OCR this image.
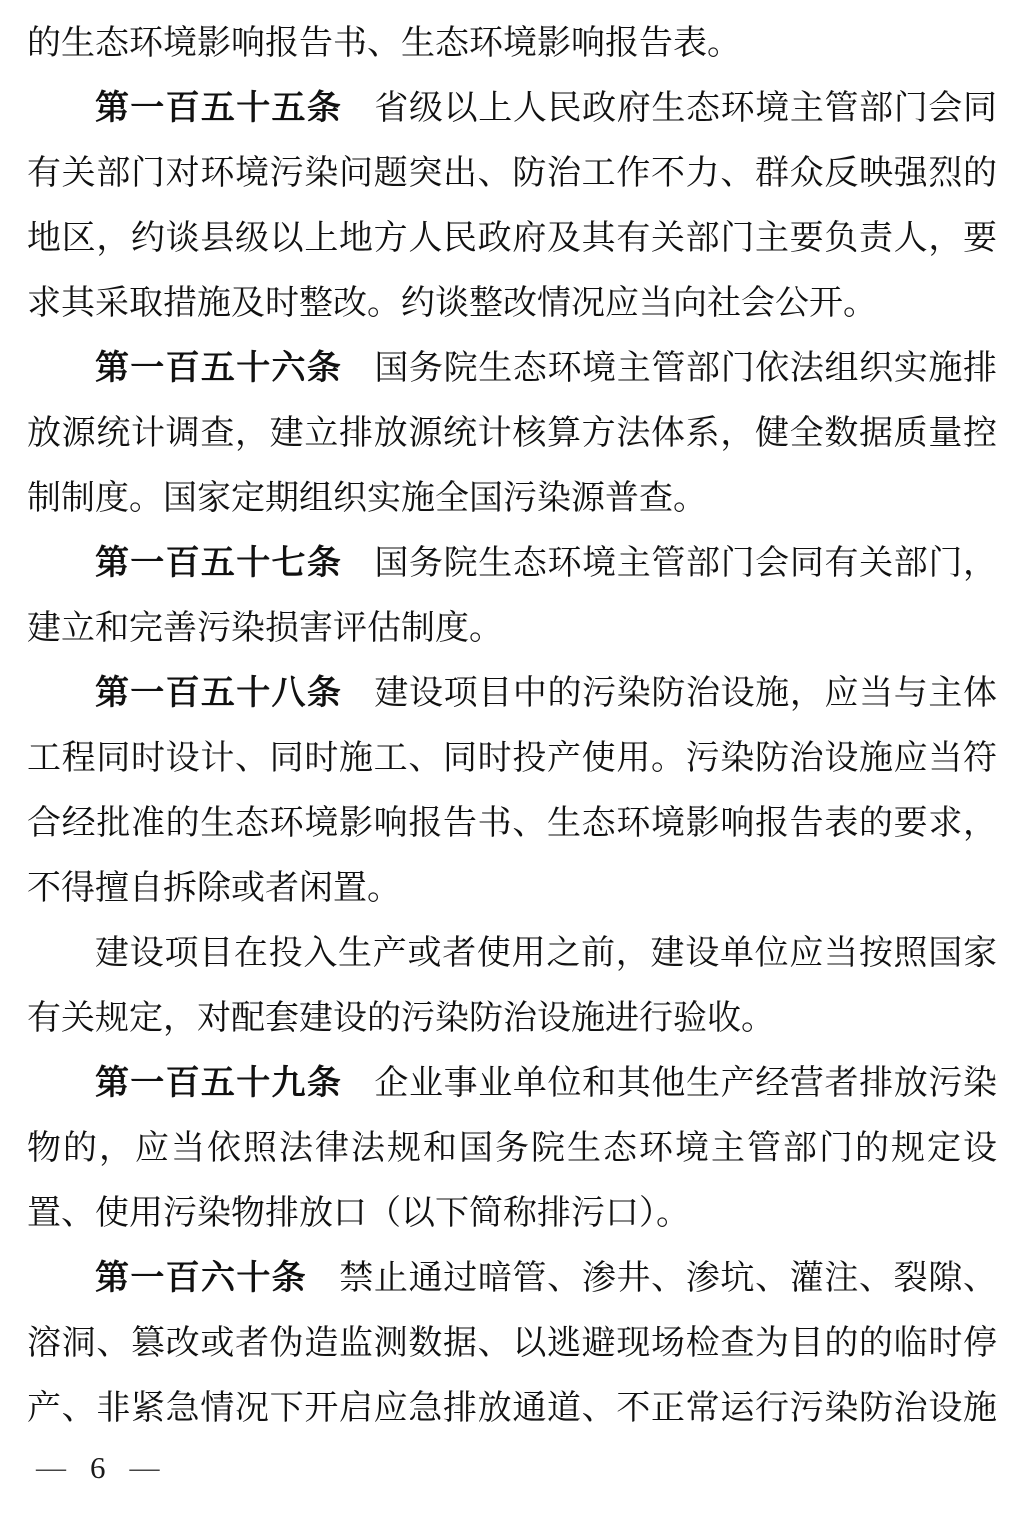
的生态环境影响报告书、生态环境影响报告表。

第一百五十五条 省级以上人民政府生态环境主管部门会同有关部门对环境污染问题突出、防治工作不力、群众反映强烈的地区，约谈县级以上地方人民政府及其有关部门主要负责人，要求其采取措施及时整改。约谈整改情况应当向社会公开。

第一百五十六条 国务院生态环境主管部门依法组织实施排放源统计调查，建立排放源统计核算方法体系，健全数据质量控制制度。国家定期组织实施全国污染源普查。

第一百五十七条 国务院生态环境主管部门会同有关部门，建立和完善污染损害评估制度。

第一百五十八条 建设项目中的污染防治设施，应当与主体工程同时设计、同时施工、同时投产使用。污染防治设施应当符合经批准的生态环境影响报告书、生态环境影响报告表的要求，不得擅自拆除或者闲置。

建设项目在投入生产或者使用之前，建设单位应当按照国家有关规定，对配套建设的污染防治设施进行验收。

第一百五十九条 企业事业单位和其他生产经营者排放污染物的，应当依照法律法规和国务院生态环境主管部门的规定设置、使用污染物排放口（以下简称排污口）。

第一百六十条 禁止通过暗管、渗井、渗坑、灌注、裂隙、溶洞、篡改或者伪造监测数据、以逃避现场检查为目的的临时停产、非紧急情况下开启应急排放通道、不正常运行污染防治设施

— 6 —
